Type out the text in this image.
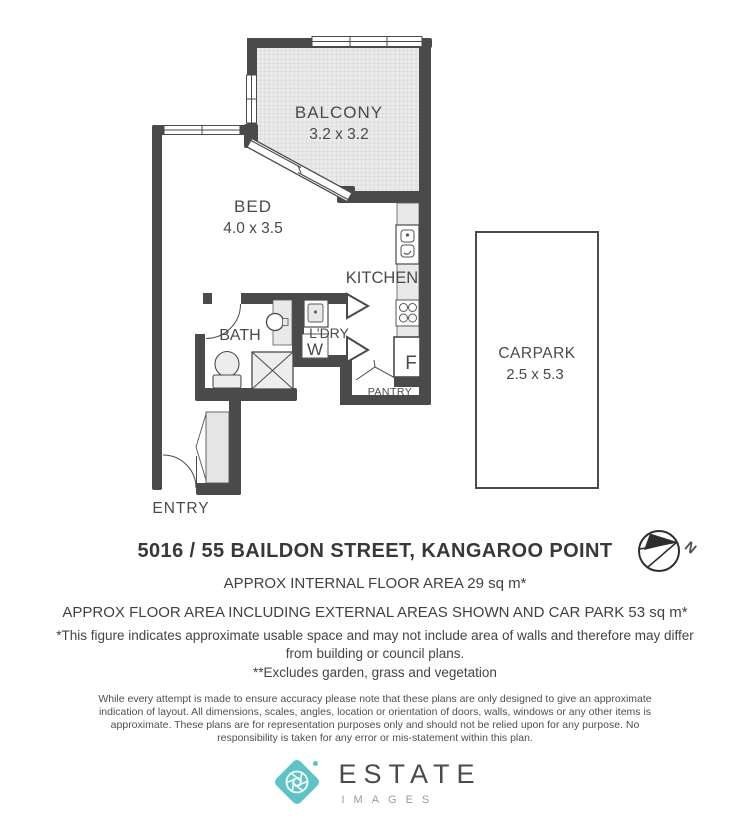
F
W
N
BALCONY
3.2 x 3.2
BED
4.0 x 3.5
KITCHEN
BATH	L'DRY
PANTRY
ENTRY
CARPARK
2.5 x 5.3
5016 / 55 BAILDON STREET, KANGAROO POINT
APPROX INTERNAL FLOOR AREA 29 sq m*
APPROX FLOOR AREA INCLUDING EXTERNAL AREAS SHOWN AND CAR PARK 53 sq m*
*This figure indicates approximate usable space and may not include area of walls and therefore may differ from building or council plans.
**Excludes garden, grass and vegetation
While every attempt is made to ensure accuracy please note that these plans are only designed to give an approximate indication of layout. All dimensions, scales, angles, location or orientation of doors, walls, windows or any other items is approximate. These plans are for representation purposes only and should not be relied upon for any purpose. No responsibility is taken for any error or mis-statement within this plan.
ESTATE
IMAGES
